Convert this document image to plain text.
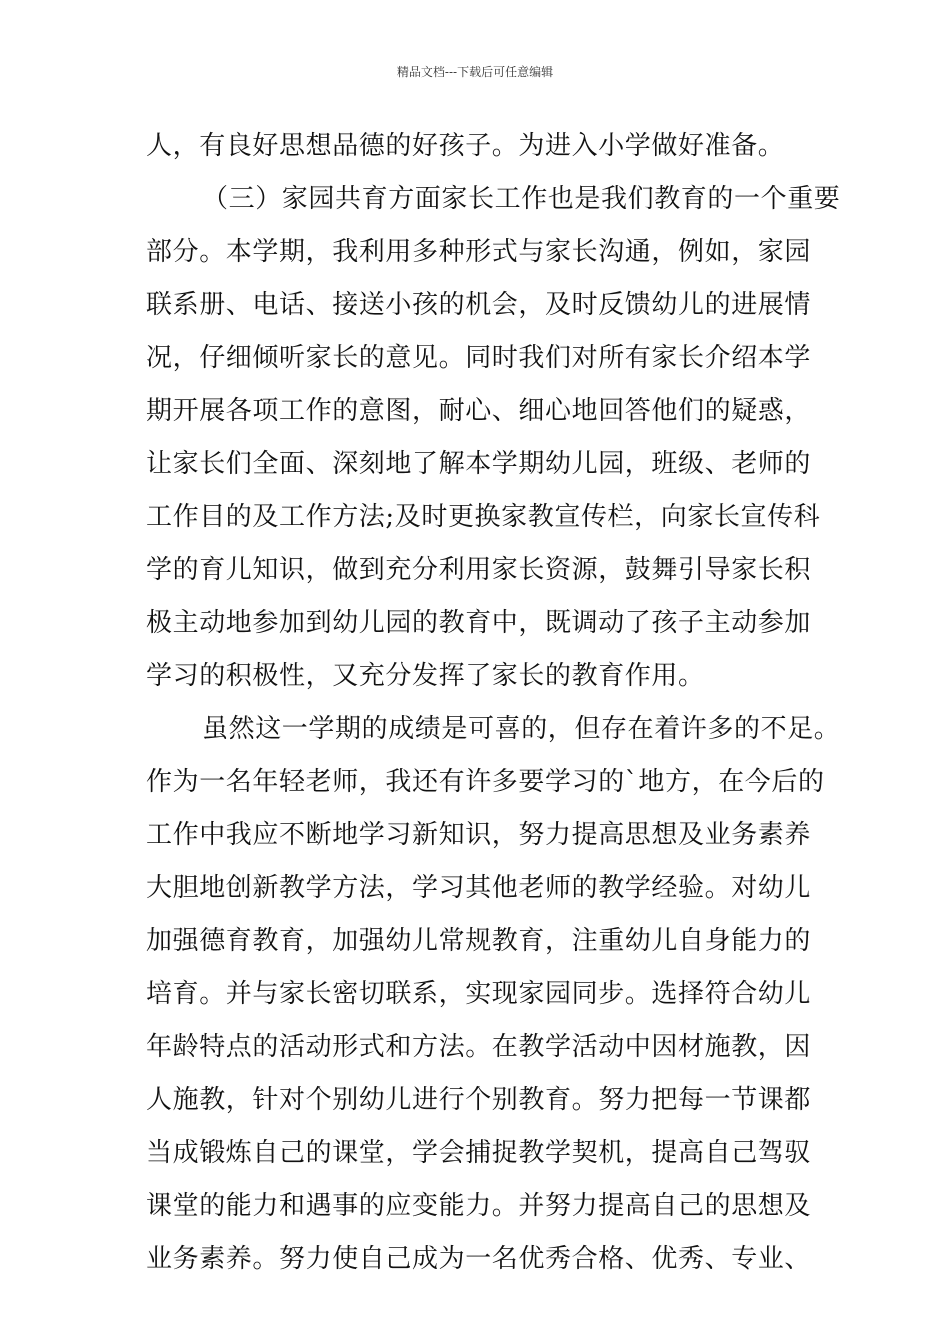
精品文档---下载后可任意编辑
人，有良好思想品德的好孩子。为进入小学做好准备。
（三）家园共育方面家长工作也是我们教育的一个重要
部分。本学期，我利用多种形式与家长沟通，例如，家园
联系册、电话、接送小孩的机会，及时反馈幼儿的进展情
况，仔细倾听家长的意见。同时我们对所有家长介绍本学
期开展各项工作的意图，耐心、细心地回答他们的疑惑，
让家长们全面、深刻地了解本学期幼儿园，班级、老师的
工作目的及工作方法;及时更换家教宣传栏，向家长宣传科
学的育儿知识，做到充分利用家长资源，鼓舞引导家长积
极主动地参加到幼儿园的教育中，既调动了孩子主动参加
学习的积极性，又充分发挥了家长的教育作用。
虽然这一学期的成绩是可喜的，但存在着许多的不足。
作为一名年轻老师，我还有许多要学习的`地方，在今后的
工作中我应不断地学习新知识，努力提高思想及业务素养
大胆地创新教学方法，学习其他老师的教学经验。对幼儿
加强德育教育，加强幼儿常规教育，注重幼儿自身能力的
培育。并与家长密切联系，实现家园同步。选择符合幼儿
年龄特点的活动形式和方法。在教学活动中因材施教，因
人施教，针对个别幼儿进行个别教育。努力把每一节课都
当成锻炼自己的课堂，学会捕捉教学契机，提高自己驾驭
课堂的能力和遇事的应变能力。并努力提高自己的思想及
业务素养。努力使自己成为一名优秀合格、优秀、专业、
